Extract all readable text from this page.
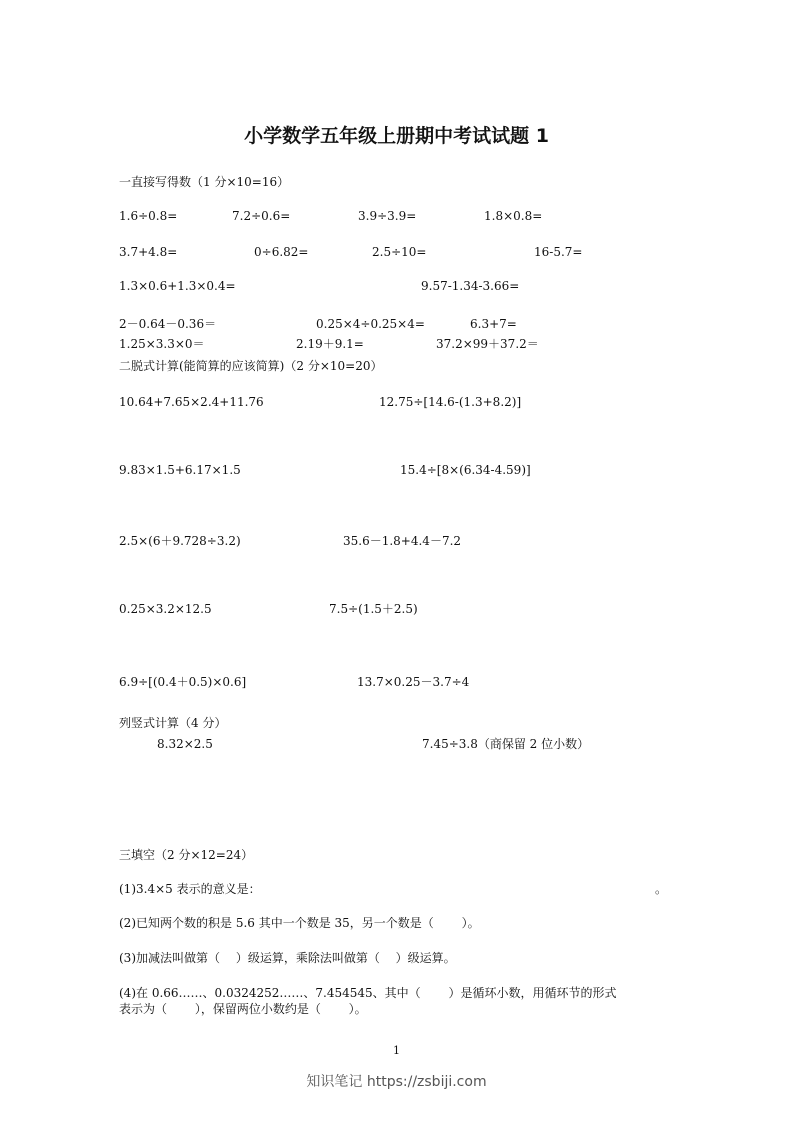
小学数学五年级上册期中考试试题 1
一直接写得数（1 分×10=16）
1.6÷0.8=	7.2÷0.6=	3.9÷3.9=	1.8×0.8=
3.7+4.8=	0÷6.82=	2.5÷10=	16-5.7=
1.3×0.6+1.3×0.4=	9.57-1.34-3.66=
2－0.64－0.36＝	0.25×4÷0.25×4=	6.3+7=
1.25×3.3×0＝	2.19＋9.1=	37.2×99＋37.2＝
二脱式计算(能简算的应该简算)（2 分×10=20）
10.64+7.65×2.4+11.76	12.75÷[14.6-(1.3+8.2)]
9.83×1.5+6.17×1.5	15.4÷[8×(6.34-4.59)]
2.5×(6＋9.728÷3.2)	35.6－1.8+4.4－7.2
0.25×3.2×12.5	7.5÷(1.5＋2.5)
6.9÷[(0.4＋0.5)×0.6]	13.7×0.25－3.7÷4
列竖式计算（4 分）
8.32×2.5	7.45÷3.8（商保留 2 位小数）
三填空（2 分×12=24）
(1)3.4×5 表示的意义是：	。
(2)已知两个数的积是 5.6 其中一个数是 35，另一个数是（　　 ）。
(3)加减法叫做第（　 ）级运算，乘除法叫做第（　 ）级运算。
(4)在 0.66……、0.0324252……、7.454545、其中（　　 ）是循环小数，用循环节的形式
表示为（　　 ），保留两位小数约是（　　 ）。
1
知识笔记 https://zsbiji.com
